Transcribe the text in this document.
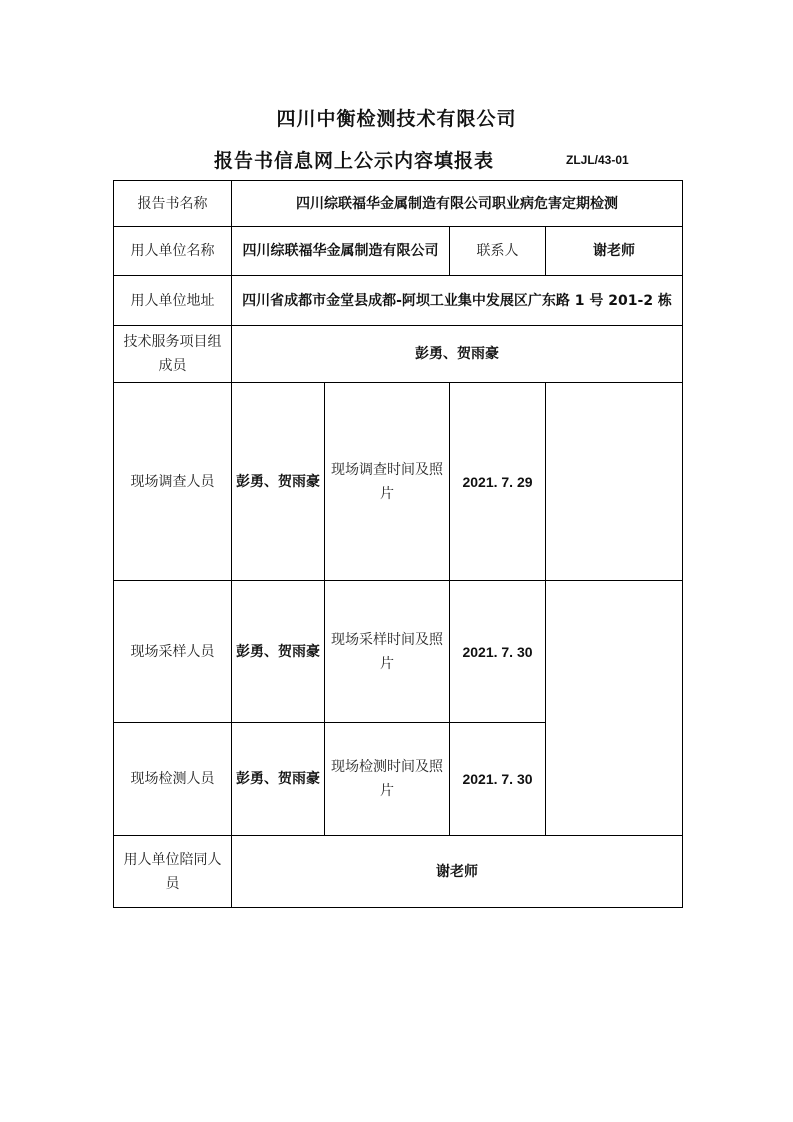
四川中衡检测技术有限公司
报告书信息网上公示内容填报表	ZLJL/43-01
报告书名称	四川综联福华金属制造有限公司职业病危害定期检测			
用人单位名称	四川综联福华金属制造有限公司		联系人	谢老师
用人单位地址	四川省成都市金堂县成都-阿坝工业集中发展区广东路 1 号 201-2 栋			
技术服务项目组成员	彭勇、贺雨豪			
现场调查人员	彭勇、贺雨豪	现场调查时间及照片	2021. 7. 29	
现场采样人员	彭勇、贺雨豪	现场采样时间及照片	2021. 7. 30	
现场检测人员	彭勇、贺雨豪	现场检测时间及照片	2021. 7. 30	
用人单位陪同人员	谢老师			
